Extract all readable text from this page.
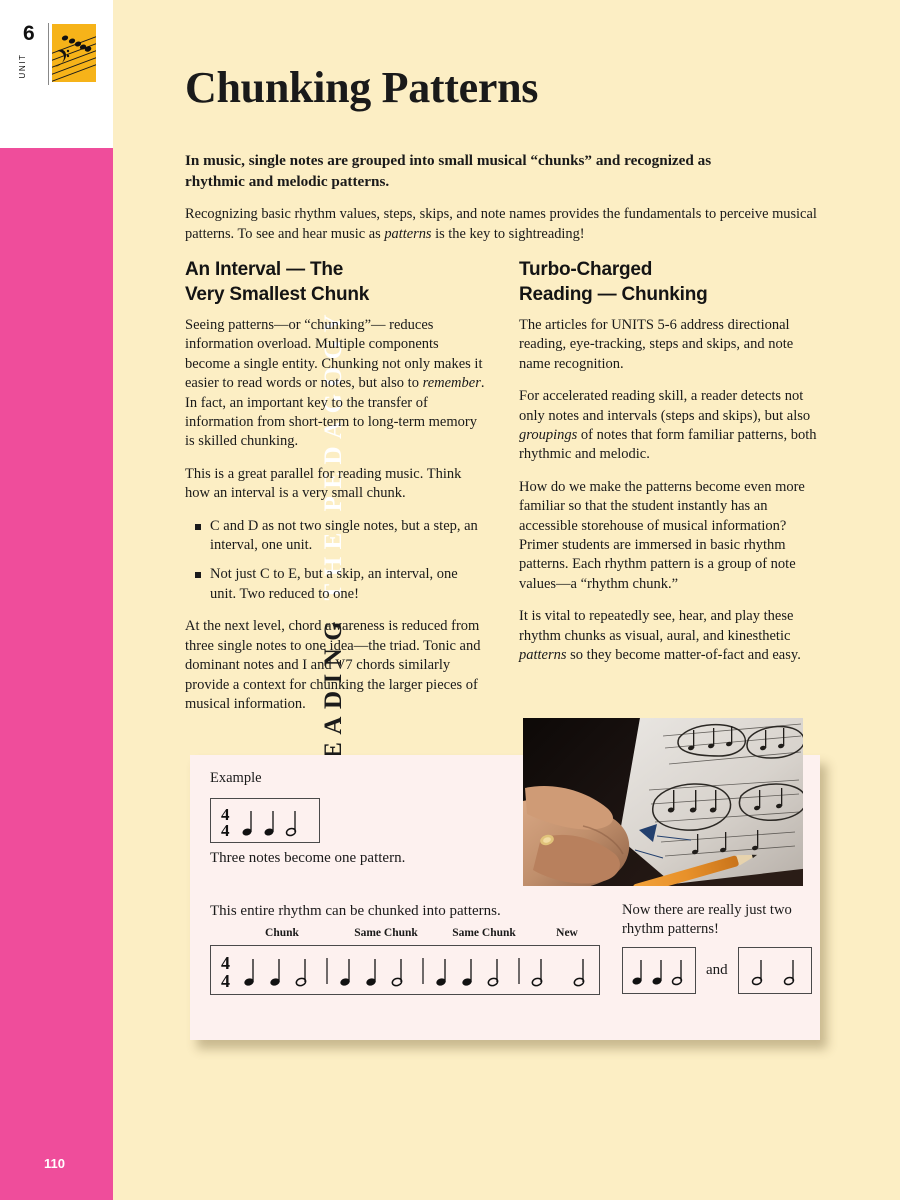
6
UNIT
THE PEDAGOGY
110
Chunking Patterns

In music, single notes are grouped into small musical “chunks” and recognized as rhythmic and melodic patterns.

Recognizing basic rhythm values, steps, skips, and note names provides the fundamentals to perceive musical patterns. To see and hear music as patterns is the key to sightreading!

An Interval — The
Very Smallest Chunk

Seeing patterns—or “chunking”— reduces information overload. Multiple components become a single entity. Chunking not only makes it easier to read words or notes, but also to remember. In fact, an important key to the transfer of information from short-term to long-term memory is skilled chunking.

This is a great parallel for reading music. Think how an interval is a very small chunk.

C and D as not two single notes, but a step, an interval, one unit.
Not just C to E, but a skip, an interval, one unit. Two reduced to one!

At the next level, chord awareness is reduced from three single notes to one idea—the triad. Tonic and dominant notes and I and V7 chords similarly provide a context for chunking the larger pieces of musical information.

Turbo-Charged
Reading — Chunking

The articles for UNITS 5-6 address directional reading, eye-tracking, steps and skips, and note name recognition.

For accelerated reading skill, a reader detects not only notes and intervals (steps and skips), but also groupings of notes that form familiar patterns, both rhythmic and melodic.

How do we make the patterns become even more familiar so that the student instantly has an accessible storehouse of musical information? Primer students are immersed in basic rhythm patterns. Each rhythm pattern is a group of note values—a “rhythm chunk.”

It is vital to repeatedly see, hear, and play these rhythm chunks as visual, aural, and kinesthetic patterns so they become matter-of-fact and easy.

Example
4
4
Three notes become one pattern.
This entire rhythm can be chunked into patterns.
Chunk	Same Chunk	Same Chunk	New
4
4
Now there are really just two rhythm patterns!
and
